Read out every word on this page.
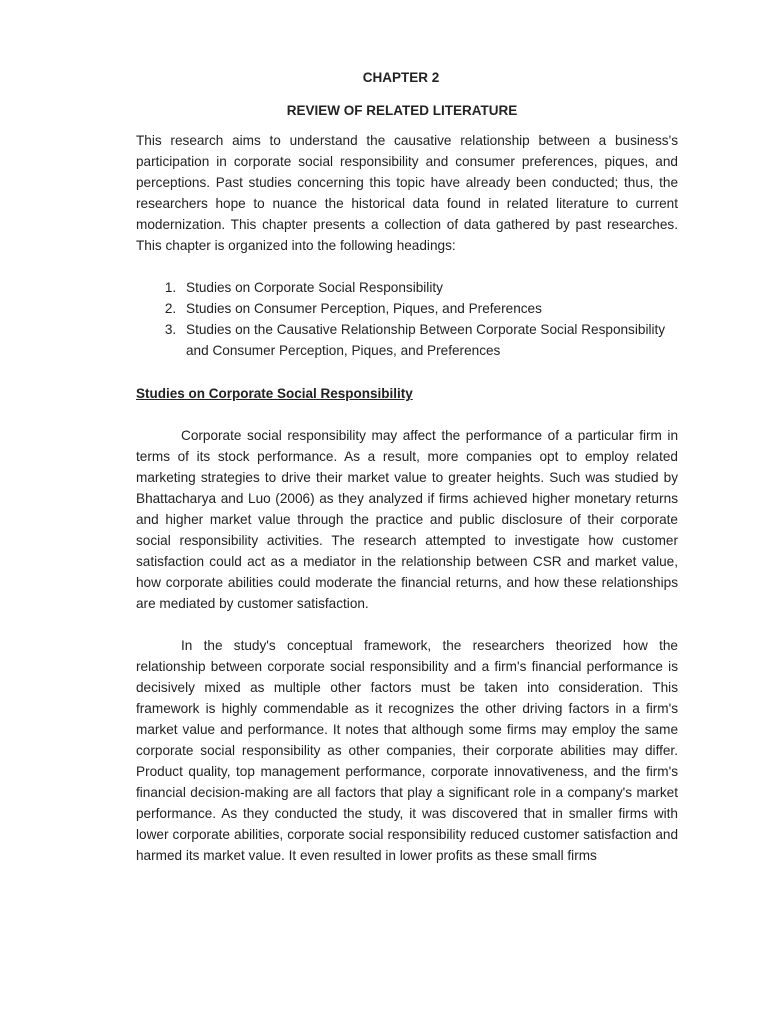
CHAPTER 2
REVIEW OF RELATED LITERATURE

This research aims to understand the causative relationship between a business's participation in corporate social responsibility and consumer preferences, piques, and perceptions. Past studies concerning this topic have already been conducted; thus, the researchers hope to nuance the historical data found in related literature to current modernization. This chapter presents a collection of data gathered by past researches. This chapter is organized into the following headings:

1. Studies on Corporate Social Responsibility
2. Studies on Consumer Perception, Piques, and Preferences
3. Studies on the Causative Relationship Between Corporate Social Responsibility and Consumer Perception, Piques, and Preferences
Studies on Corporate Social Responsibility

Corporate social responsibility may affect the performance of a particular firm in terms of its stock performance. As a result, more companies opt to employ related marketing strategies to drive their market value to greater heights. Such was studied by Bhattacharya and Luo (2006) as they analyzed if firms achieved higher monetary returns and higher market value through the practice and public disclosure of their corporate social responsibility activities. The research attempted to investigate how customer satisfaction could act as a mediator in the relationship between CSR and market value, how corporate abilities could moderate the financial returns, and how these relationships are mediated by customer satisfaction.

In the study's conceptual framework, the researchers theorized how the relationship between corporate social responsibility and a firm's financial performance is decisively mixed as multiple other factors must be taken into consideration. This framework is highly commendable as it recognizes the other driving factors in a firm's market value and performance. It notes that although some firms may employ the same corporate social responsibility as other companies, their corporate abilities may differ. Product quality, top management performance, corporate innovativeness, and the firm's financial decision-making are all factors that play a significant role in a company's market performance. As they conducted the study, it was discovered that in smaller firms with lower corporate abilities, corporate social responsibility reduced customer satisfaction and harmed its market value. It even resulted in lower profits as these small firms
